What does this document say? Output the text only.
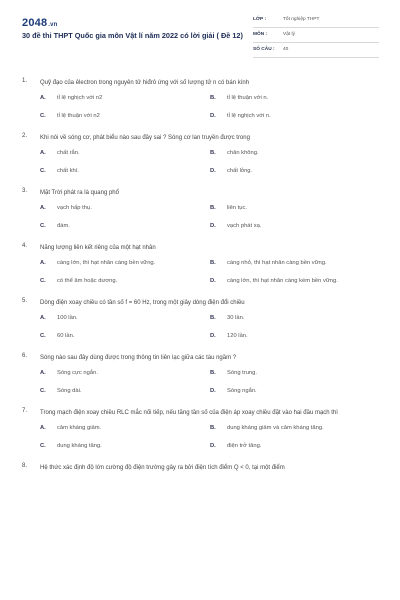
2048.vn
30 đề thi THPT Quốc gia môn Vật lí năm 2022 có lời giải ( Đề 12)
LỚP :	Tốt nghiệp THPT
MÔN :	Vật lý
SỐ CÂU : 40
1. Quỹ đạo của êlectron trong nguyên tử hiđrô ứng với số lượng tử n có bán kính
A. tỉ lệ nghịch với n2	B. tỉ lệ thuận với n.
C. tỉ lệ thuận với n2	D. tỉ lệ nghịch với n.
2. Khi nói về sóng cơ, phát biểu nào sau đây sai ? Sóng cơ lan truyền được trong
A. chất rắn.	B. chân không.
C. chất khí.	D. chất lỏng.
3. Mặt Trời phát ra là quang phổ
A. vạch hấp thụ.	B. liên tục.
C. đám.	D. vạch phát xạ.
4. Năng lượng liên kết riêng của một hạt nhân
A. càng lớn, thì hạt nhân càng bền vững.	B. càng nhỏ, thì hạt nhân càng bền vững.
C. có thể âm hoặc dương.	D. càng lớn, thì hạt nhân càng kém bền vững.
5. Dòng điện xoay chiều có tần số f = 60 Hz, trong một giây dòng điện đổi chiều
A. 100 lần.	B. 30 lần.
C. 60 lần.	D. 120 lần.
6. Sóng nào sau đây dùng được trong thông tin liên lạc giữa các tàu ngầm ?
A. Sóng cực ngắn.	B. Sóng trung.
C. Sóng dài.	D. Sóng ngắn.
7. Trong mạch điện xoay chiều RLC mắc nối tiếp, nếu tăng tần số của điện áp xoay chiều đặt vào hai đầu mạch thì
A. cảm kháng giảm.	B. dung kháng giảm và cảm kháng tăng.
C. dung kháng tăng.	D. điện trở tăng.
8. Hệ thức xác định độ lớn cường độ điện trường gây ra bởi điện tích điểm Q < 0, tại một điểm
